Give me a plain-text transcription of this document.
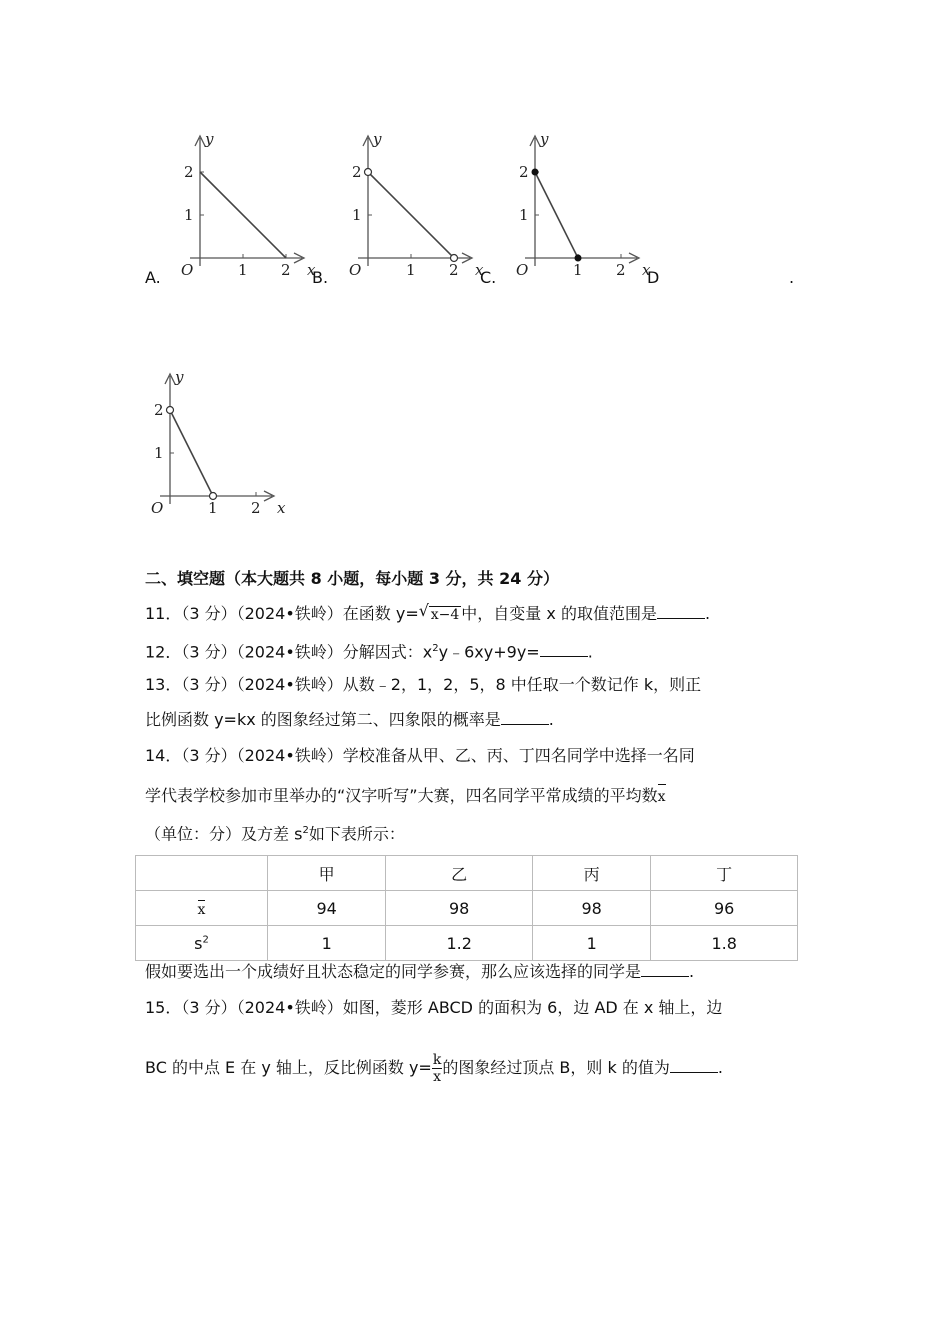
y
x
O	1 2
1
2
y
x
O	1 2
1
2
y
x
O	1 2
1
2
y
x
O	1 2
1
2
A.	B.	C.	D	.
二、填空题（本大题共 8 小题，每小题 3 分，共 24 分）
11．（3 分）（2024•铁岭）在函数 y= √ x−4 中，自变量 x 的取值范围是	.
12．（3 分）（2024•铁岭）分解因式：$x^2y﹣6xy+9y=$	.
13．（3 分）（2024•铁岭）从数﹣2，1，2，5，8 中任取一个数记作 k，则正
比例函数 y=kx 的图象经过第二、四象限的概率是	.
14．（3 分）（2024•铁岭）学校准备从甲、乙、丙、丁四名同学中选择一名同
学代表学校参加市里举办的“汉字听写”大赛，四名同学平常成绩的平均数x
（单位：分）及方差 $s^2$如下表所示：
	甲	乙	丙	丁
x	94	98	98	96
$s^2$	1	1.2	1	1.8
假如要选出一个成绩好且状态稳定的同学参赛，那么应该选择的同学是	.
15．（3 分）（2024•铁岭）如图，菱形 ABCD 的面积为 6，边 AD 在 x 轴上，边
BC 的中点 E 在 y 轴上，反比例函数 $y= \frac{k}{x}$ 的图象经过顶点 B，则 k 的值为	.
